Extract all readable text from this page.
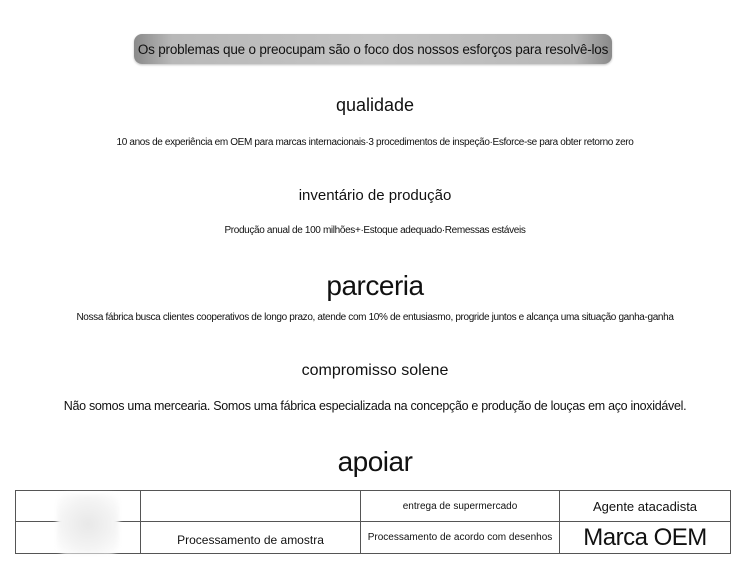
Os problemas que o preocupam são o foco dos nossos esforços para resolvê-los
qualidade
10 anos de experiência em OEM para marcas internacionais·3 procedimentos de inspeção·Esforce-se para obter retorno zero
inventário de produção
Produção anual de 100 milhões+·Estoque adequado·Remessas estáveis
parceria
Nossa fábrica busca clientes cooperativos de longo prazo, atende com 10% de entusiasmo, progride juntos e alcança uma situação ganha-ganha
compromisso solene
Não somos uma mercearia. Somos uma fábrica especializada na concepção e produção de louças em aço inoxidável.
apoiar
Processamento de amostra
entrega de supermercado
Processamento de acordo com desenhos
Agente atacadista
Marca OEM
